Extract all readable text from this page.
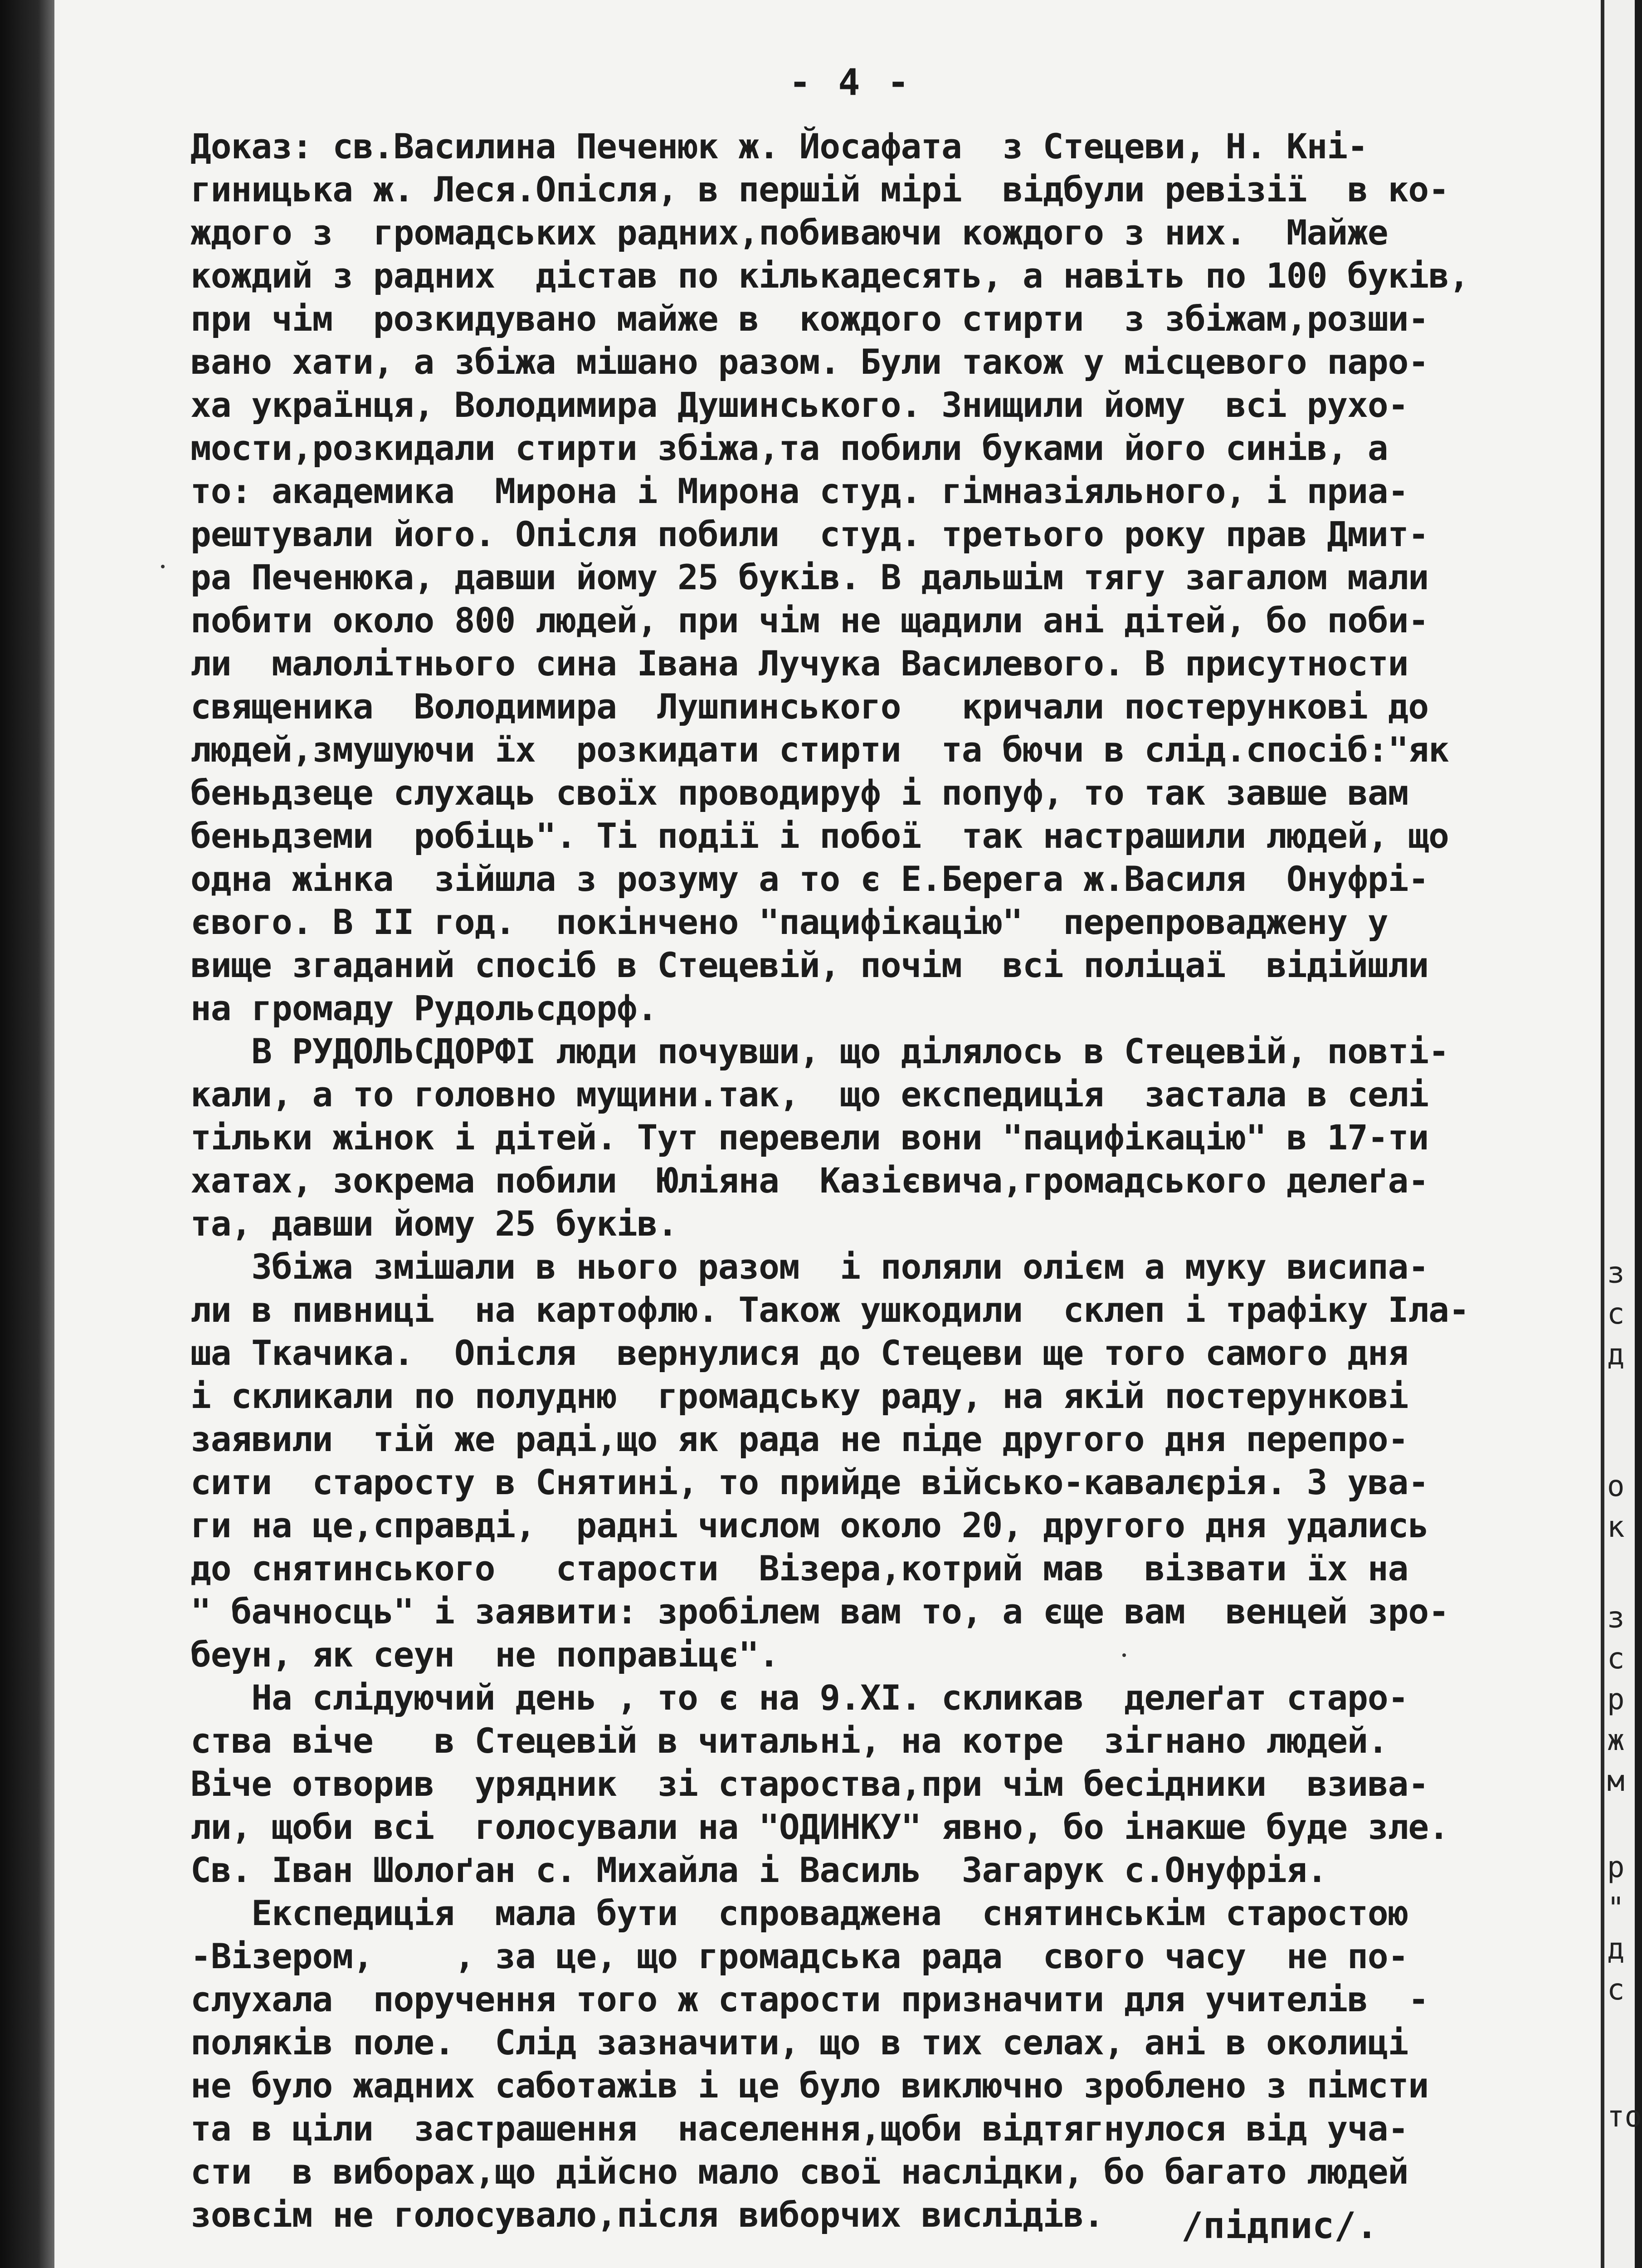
з
с
д
о
к
з
с
р
ж
м
р
"
д
с
то
- 4 -
Доказ: св.Василина Печенюк ж. Йосафата  з Стецеви, Н. Кні-
гиницька ж. Леся.Опісля, в першій мірі  відбули ревізії  в ко-
ждого з  громадських радних,побиваючи кождого з них.  Майже
кождий з радних  дістав по кількадесять, а навіть по 100 буків,
при чім  розкидувано майже в  кождого стирти  з збіжам,розши-
вано хати, а збіжа мішано разом. Були також у місцевого паро-
ха українця, Володимира Душинського. Знищили йому  всі рухо-
мости,розкидали стирти збіжа,та побили буками його синів, а
то: академика  Мирона і Мирона студ. гімназіяльного, і приа-
рештували його. Опісля побили  студ. третього року прав Дмит-
ра Печенюка, давши йому 25 буків. В дальшім тягу загалом мали
побити около 800 людей, при чім не щадили ані дітей, бо поби-
ли  малолітнього сина Івана Лучука Василевого. В присутности
священика  Володимира  Лушпинського   кричали постерункові до
людей,змушуючи їх  розкидати стирти  та бючи в слід.спосіб:"як
беньдзеце слухаць своїх проводируф і попуф, то так завше вам
беньдземи  робіць". Ті події і побої  так настрашили людей, що
одна жінка  зійшла з розуму а то є Е.Берега ж.Василя  Онуфрі-
євого. В II год.  покінчено "пацифікацію"  перепроваджену у
вище згаданий спосіб в Стецевій, почім  всі поліцаї  відійшли
на громаду Рудольсдорф.
В РУДОЛЬСДОРФІ люди почувши, що ділялось в Стецевій, повті-
кали, а то головно мущини.так,  що експедиція  застала в селі
тільки жінок і дітей. Тут перевели вони "пацифікацію" в 17-ти
хатах, зокрема побили  Юліяна  Казієвича,громадського делеґа-
та, давши йому 25 буків.
Збіжа змішали в нього разом  і поляли олієм а муку висипа-
ли в пивниці  на картофлю. Також ушкодили  склеп і трафіку Іла-
ша Ткачика.  Опісля  вернулися до Стецеви ще того самого дня
і скликали по полудню  громадську раду, на якій постерункові
заявили  тій же раді,що як рада не піде другого дня перепро-
сити  старосту в Снятині, то прийде військо-кавалєрія. З ува-
ги на це,справді,  радні числом около 20, другого дня удались
до снятинського   старости  Візера,котрий мав  візвати їх на
" бачносць" і заявити: зробілем вам то, а єще вам  венцей зро-
беун, як сеун  не поправіцє".
На слідуючий день , то є на 9.XI. скликав  делеґат старо-
ства віче   в Стецевій в читальні, на котре  зігнано людей.
Віче отворив  урядник  зі староства,при чім бесідники  взива-
ли, щоби всі  голосували на "ОДИНКУ" явно, бо інакше буде зле.
Св. Іван Шолоґан с. Михайла і Василь  Загарук с.Онуфрія.
Експедиція  мала бути  спроваджена  снятинськім старостою
-Візером,    , за це, що громадська рада  свого часу  не по-
слухала  поручення того ж старости призначити для учителів  -
поляків поле.  Слід зазначити, що в тих селах, ані в околиці
не було жадних саботажів і це було виключно зроблено з пімсти
та в ціли  застрашення  населення,щоби відтягнулося від уча-
сти  в виборах,що дійсно мало свої наслідки, бо багато людей
зовсім не голосувало,після виборчих вислідів.	/підпис/.
